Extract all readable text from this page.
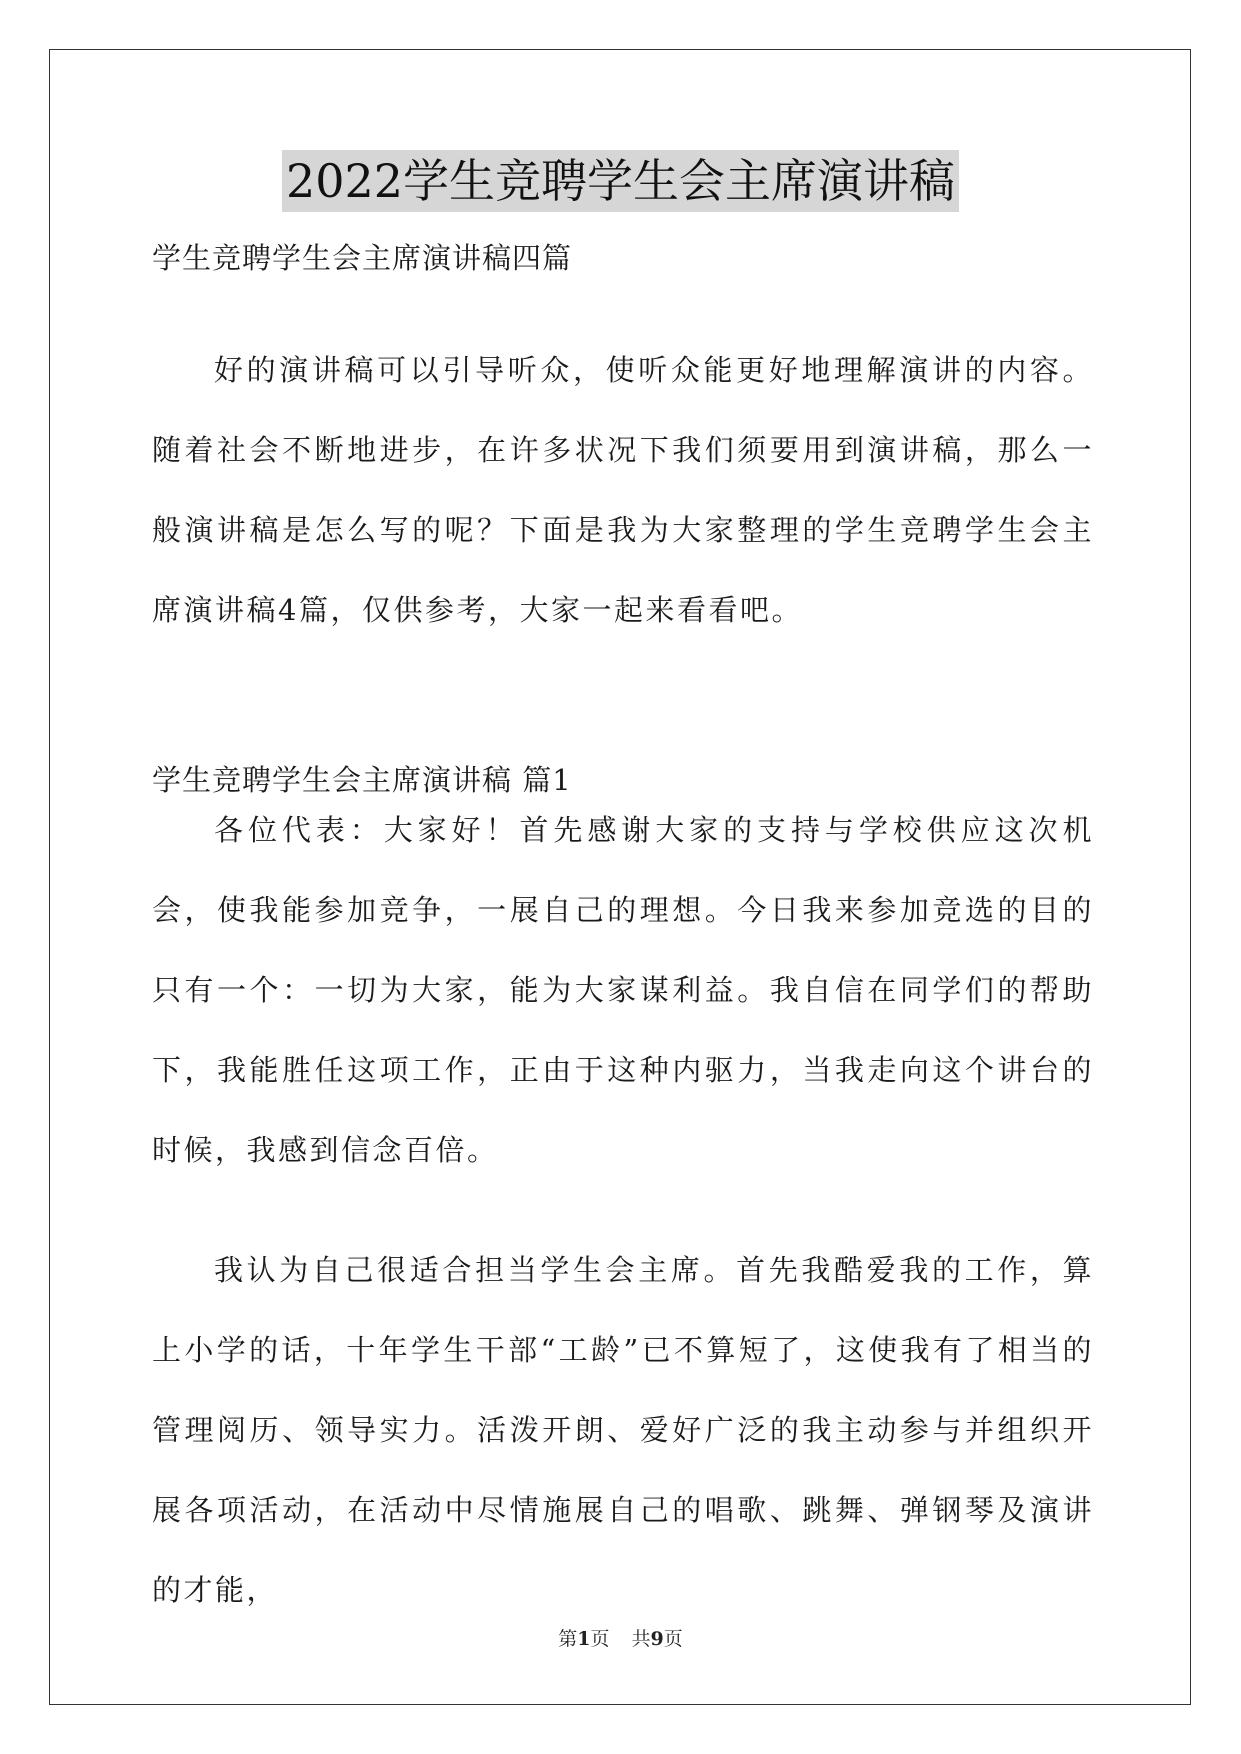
2022学生竞聘学生会主席演讲稿
学生竞聘学生会主席演讲稿四篇

好的演讲稿可以引导听众，使听众能更好地理解演讲的内容。随着社会不断地进步，在许多状况下我们须要用到演讲稿，那么一般演讲稿是怎么写的呢？下面是我为大家整理的学生竞聘学生会主席演讲稿4篇，仅供参考，大家一起来看看吧。

学生竞聘学生会主席演讲稿 篇1

各位代表：大家好！首先感谢大家的支持与学校供应这次机会，使我能参加竞争，一展自己的理想。今日我来参加竞选的目的只有一个：一切为大家，能为大家谋利益。我自信在同学们的帮助下，我能胜任这项工作，正由于这种内驱力，当我走向这个讲台的时候，我感到信念百倍。

我认为自己很适合担当学生会主席。首先我酷爱我的工作，算上小学的话，十年学生干部“工龄”已不算短了，这使我有了相当的管理阅历、领导实力。活泼开朗、爱好广泛的我主动参与并组织开展各项活动，在活动中尽情施展自己的唱歌、跳舞、弹钢琴及演讲的才能，

第1页 共9页
